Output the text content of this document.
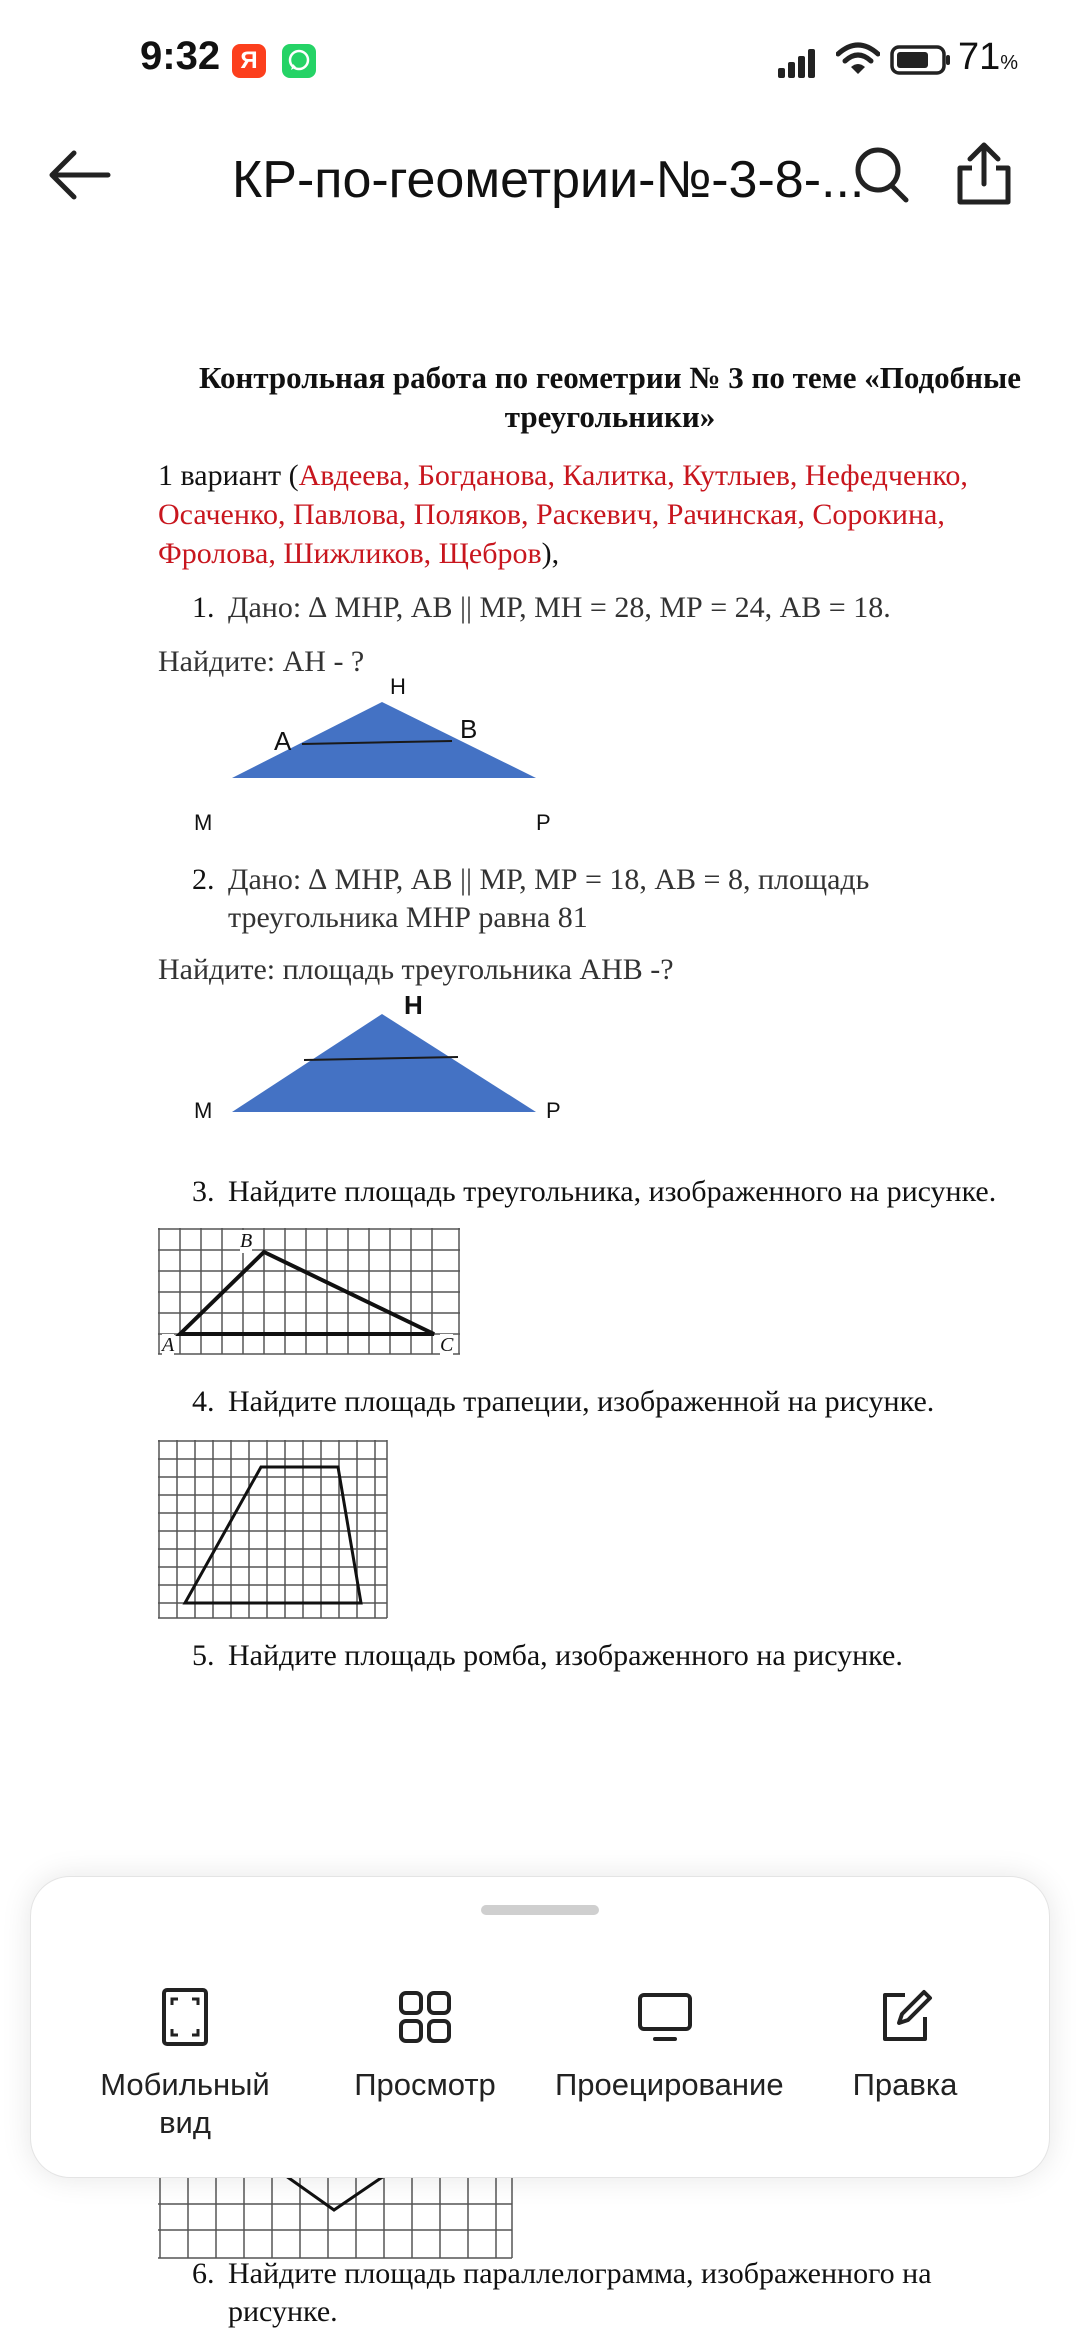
9:32 Я	71%
КР-по-геометрии-№-3-8-...
Контрольная работа по геометрии № 3 по теме «Подобные
треугольники»
1 вариант (Авдеева, Богданова, Калитка, Кутлыев, Нефедченко,
Осаченко, Павлова, Поляков, Раскевич, Рачинская, Сорокина,
Фролова, Шижликов, Щебров),
1. Дано: ∆ МНР, АВ || МР, МН = 28, МР = 24, АВ = 18.
Найдите: АН - ?
H
A	B
M	P
2. Дано: ∆ МНР, АВ || МР, МР = 18, АВ = 8, площадь
треугольника МНР равна 81
Найдите: площадь треугольника АНВ -?
H
M	P
3. Найдите площадь треугольника, изображенного на рисунке.
A
B
C
4. Найдите площадь трапеции, изображенной на рисунке.
5. Найдите площадь ромба, изображенного на рисунке.
6. Найдите площадь параллелограмма, изображенного на
рисунке.
Мобильный
вид
Просмотр	Проецирование	Правка
